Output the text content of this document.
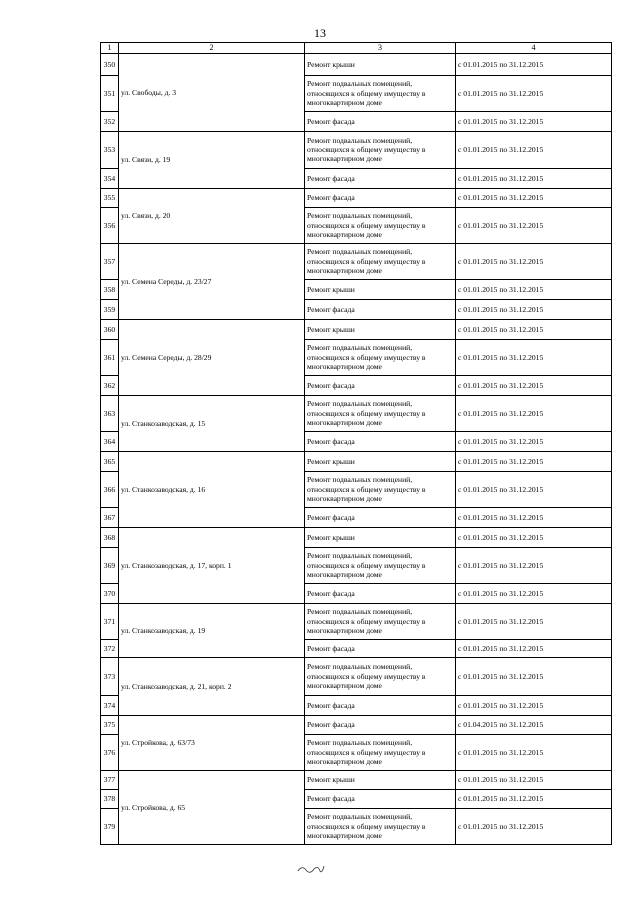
13
1	2	3	4
350	ул. Свободы, д. 3	Ремонт крыши	с 01.01.2015 по 31.12.2015
351		Ремонт подвальных помещений, относящихся к общему имуществу в многоквартирном доме	с 01.01.2015 по 31.12.2015
352		Ремонт фасада	с 01.01.2015 по 31.12.2015
353	ул. Связи, д. 19	Ремонт подвальных помещений, относящихся к общему имуществу в многоквартирном доме	с 01.01.2015 по 31.12.2015
354		Ремонт фасада	с 01.01.2015 по 31.12.2015
355	ул. Связи, д. 20	Ремонт фасада	с 01.01.2015 по 31.12.2015
356		Ремонт подвальных помещений, относящихся к общему имуществу в многоквартирном доме	с 01.01.2015 по 31.12.2015
357	ул. Семена Середы, д. 23/27	Ремонт подвальных помещений, относящихся к общему имуществу в многоквартирном доме	с 01.01.2015 по 31.12.2015
358		Ремонт крыши	с 01.01.2015 по 31.12.2015
359		Ремонт фасада	с 01.01.2015 по 31.12.2015
360	ул. Семена Середы, д. 28/29	Ремонт крыши	с 01.01.2015 по 31.12.2015
361		Ремонт подвальных помещений, относящихся к общему имуществу в многоквартирном доме	с 01.01.2015 по 31.12.2015
362		Ремонт фасада	с 01.01.2015 по 31.12.2015
363	ул. Станкозаводская, д. 15	Ремонт подвальных помещений, относящихся к общему имуществу в многоквартирном доме	с 01.01.2015 по 31.12.2015
364		Ремонт фасада	с 01.01.2015 по 31.12.2015
365	ул. Станкозаводская, д. 16	Ремонт крыши	с 01.01.2015 по 31.12.2015
366		Ремонт подвальных помещений, относящихся к общему имуществу в многоквартирном доме	с 01.01.2015 по 31.12.2015
367		Ремонт фасада	с 01.01.2015 по 31.12.2015
368	ул. Станкозаводская, д. 17, корп. 1	Ремонт крыши	с 01.01.2015 по 31.12.2015
369		Ремонт подвальных помещений, относящихся к общему имуществу в многоквартирном доме	с 01.01.2015 по 31.12.2015
370		Ремонт фасада	с 01.01.2015 по 31.12.2015
371	ул. Станкозаводская, д. 19	Ремонт подвальных помещений, относящихся к общему имуществу в многоквартирном доме	с 01.01.2015 по 31.12.2015
372		Ремонт фасада	с 01.01.2015 по 31.12.2015
373	ул. Станкозаводская, д. 21, корп. 2	Ремонт подвальных помещений, относящихся к общему имуществу в многоквартирном доме	с 01.01.2015 по 31.12.2015
374		Ремонт фасада	с 01.01.2015 по 31.12.2015
375	ул. Стройкова, д. 63/73	Ремонт фасада	с 01.04.2015 по 31.12.2015
376		Ремонт подвальных помещений, относящихся к общему имуществу в многоквартирном доме	с 01.01.2015 по 31.12.2015
377	ул. Стройкова, д. 65	Ремонт крыши	с 01.01.2015 по 31.12.2015
378		Ремонт фасада	с 01.01.2015 по 31.12.2015
379		Ремонт подвальных помещений, относящихся к общему имуществу в многоквартирном доме	с 01.01.2015 по 31.12.2015
